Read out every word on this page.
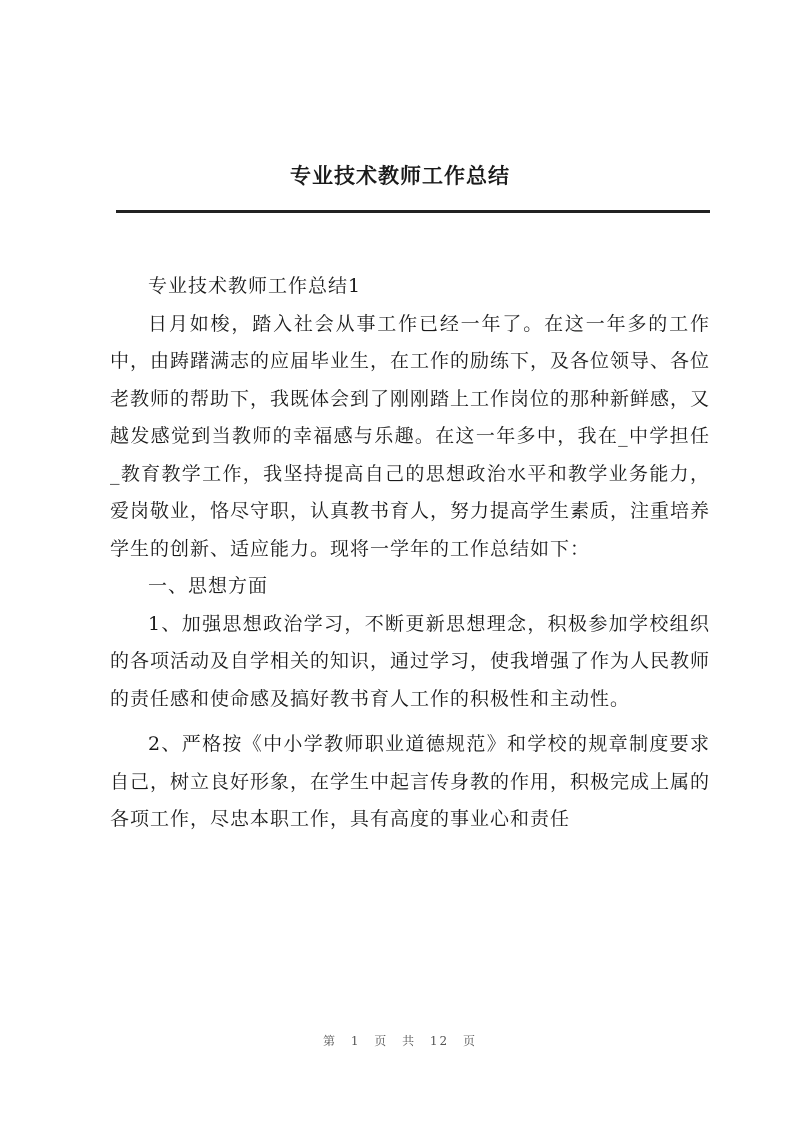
专业技术教师工作总结

专业技术教师工作总结1

日月如梭，踏入社会从事工作已经一年了。在这一年多的工作中，由踌躇满志的应届毕业生，在工作的励练下，及各位领导、各位老教师的帮助下，我既体会到了刚刚踏上工作岗位的那种新鲜感，又越发感觉到当教师的幸福感与乐趣。在这一年多中，我在_中学担任_教育教学工作，我坚持提高自己的思想政治水平和教学业务能力，爱岗敬业，恪尽守职，认真教书育人，努力提高学生素质，注重培养学生的创新、适应能力。现将一学年的工作总结如下：

一、思想方面

1、加强思想政治学习，不断更新思想理念，积极参加学校组织的各项活动及自学相关的知识，通过学习，使我增强了作为人民教师的责任感和使命感及搞好教书育人工作的积极性和主动性。

2、严格按《中小学教师职业道德规范》和学校的规章制度要求自己，树立良好形象，在学生中起言传身教的作用，积极完成上属的各项工作，尽忠本职工作，具有高度的事业心和责任

第 1 页 共 12 页
